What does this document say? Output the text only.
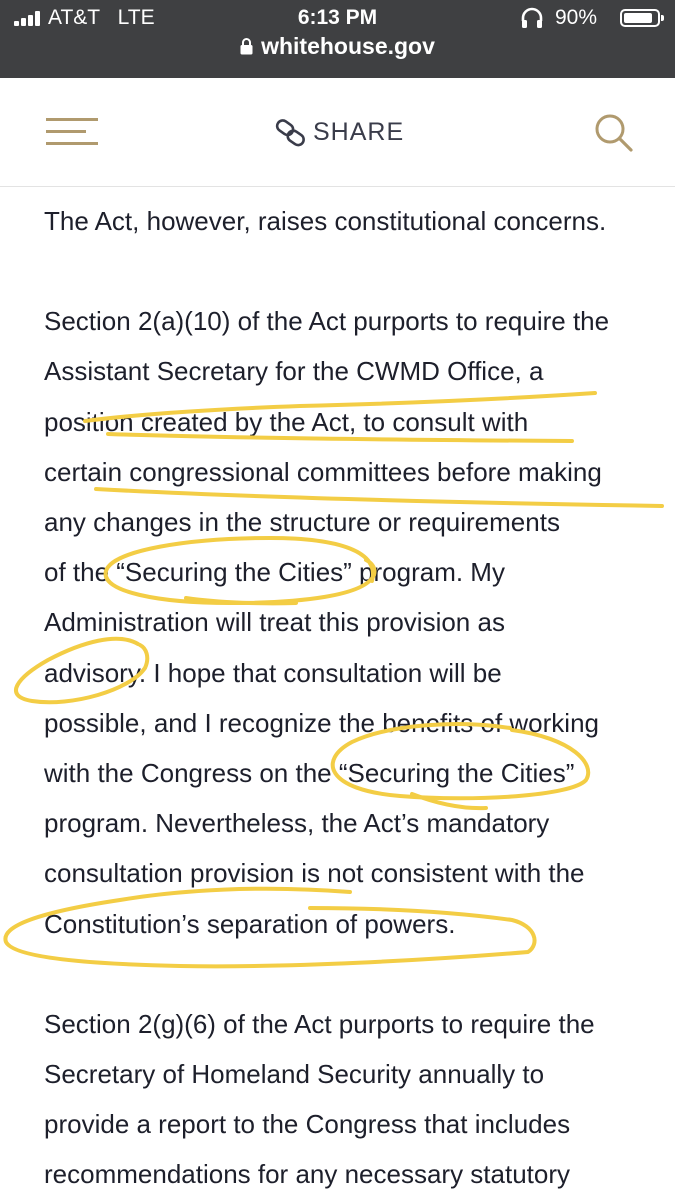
AT&T LTE	6:13 PM	90%
whitehouse.gov
SHARE

The Act, however, raises constitutional concerns.

Section 2(a)(10) of the Act purports to require the
Assistant Secretary for the CWMD Office, a
position created by the Act, to consult with
certain congressional committees before making
any changes in the structure or requirements
of the “Securing the Cities” program. My
Administration will treat this provision as
advisory. I hope that consultation will be
possible, and I recognize the benefits of working
with the Congress on the “Securing the Cities”
program. Nevertheless, the Act’s mandatory
consultation provision is not consistent with the
Constitution’s separation of powers.

Section 2(g)(6) of the Act purports to require the
Secretary of Homeland Security annually to
provide a report to the Congress that includes
recommendations for any necessary statutory
